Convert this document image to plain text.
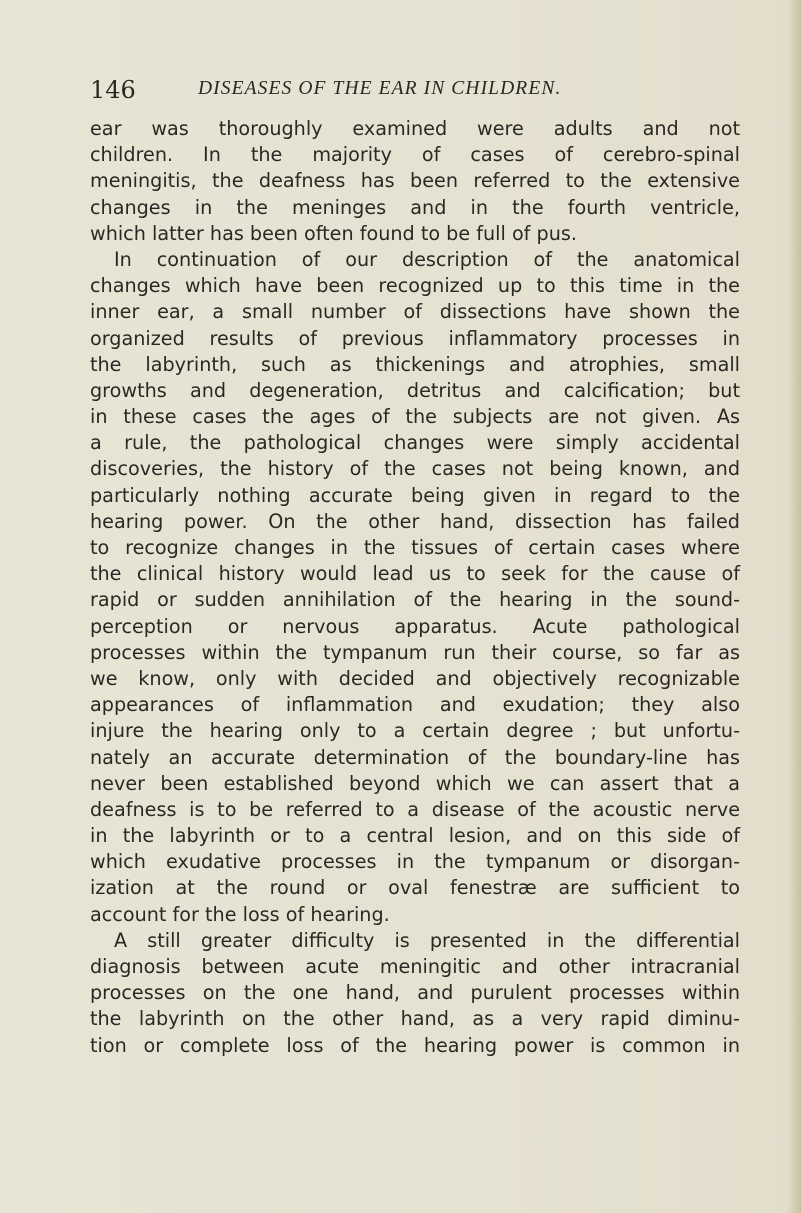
146	DISEASES OF THE EAR IN CHILDREN.
ear was thoroughly examined were adults and not
children. In the majority of cases of cerebro-spinal
meningitis, the deafness has been referred to the extensive
changes in the meninges and in the fourth ventricle,
which latter has been often found to be full of pus.
In continuation of our description of the anatomical
changes which have been recognized up to this time in the
inner ear, a small number of dissections have shown the
organized results of previous inflammatory processes in
the labyrinth, such as thickenings and atrophies, small
growths and degeneration, detritus and calcification; but
in these cases the ages of the subjects are not given. As
a rule, the pathological changes were simply accidental
discoveries, the history of the cases not being known, and
particularly nothing accurate being given in regard to the
hearing power. On the other hand, dissection has failed
to recognize changes in the tissues of certain cases where
the clinical history would lead us to seek for the cause of
rapid or sudden annihilation of the hearing in the sound-
perception or nervous apparatus. Acute pathological
processes within the tympanum run their course, so far as
we know, only with decided and objectively recognizable
appearances of inflammation and exudation; they also
injure the hearing only to a certain degree ; but unfortu-
nately an accurate determination of the boundary-line has
never been established beyond which we can assert that a
deafness is to be referred to a disease of the acoustic nerve
in the labyrinth or to a central lesion, and on this side of
which exudative processes in the tympanum or disorgan-
ization at the round or oval fenestræ are sufficient to
account for the loss of hearing.
A still greater difficulty is presented in the differential
diagnosis between acute meningitic and other intracranial
processes on the one hand, and purulent processes within
the labyrinth on the other hand, as a very rapid diminu-
tion or complete loss of the hearing power is common in
